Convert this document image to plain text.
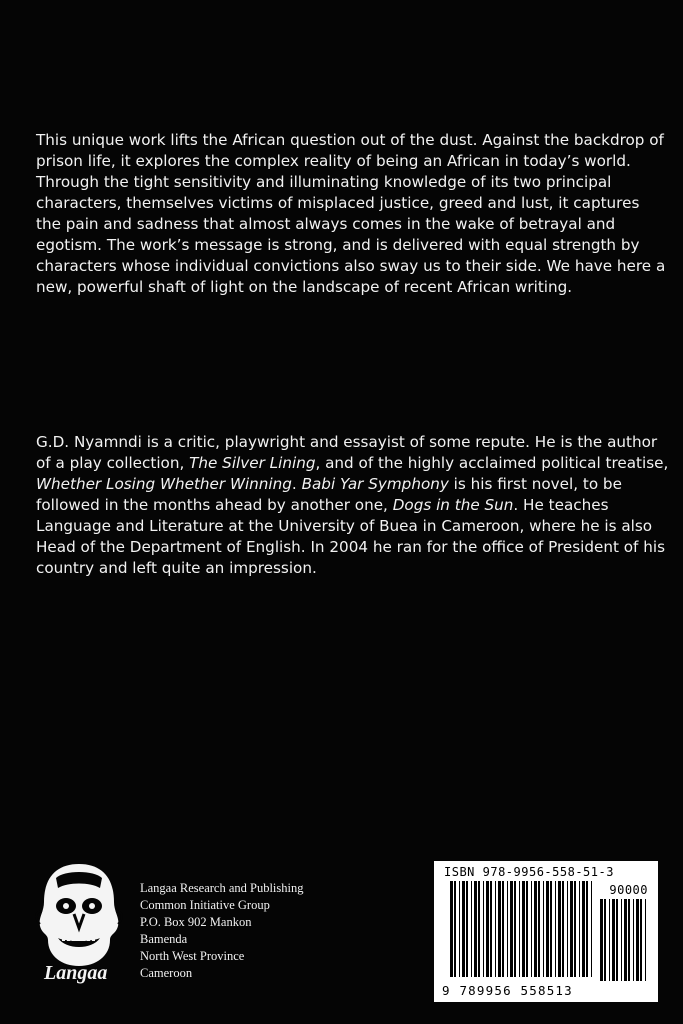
This unique work lifts the African question out of the dust. Against the backdrop of prison life, it explores the complex reality of being an African in today’s world. Through the tight sensitivity and illuminating knowledge of its two principal characters, themselves victims of misplaced justice, greed and lust, it captures the pain and sadness that almost always comes in the wake of betrayal and egotism. The work’s message is strong, and is delivered with equal strength by characters whose individual convictions also sway us to their side. We have here a new, powerful shaft of light on the landscape of recent African writing.

G.D. Nyamndi is a critic, playwright and essayist of some repute. He is the author of a play collection, The Silver Lining, and of the highly acclaimed political treatise, Whether Losing Whether Winning. Babi Yar Symphony is his first novel, to be followed in the months ahead by another one, Dogs in the Sun. He teaches Language and Literature at the University of Buea in Cameroon, where he is also Head of the Department of English. In 2004 he ran for the office of President of his country and left quite an impression.

Langaa
Langaa Research and Publishing
Common Initiative Group
P.O. Box 902 Mankon
Bamenda
North West Province
Cameroon
ISBN 978-9956-558-51-3
90000
9 789956 558513
